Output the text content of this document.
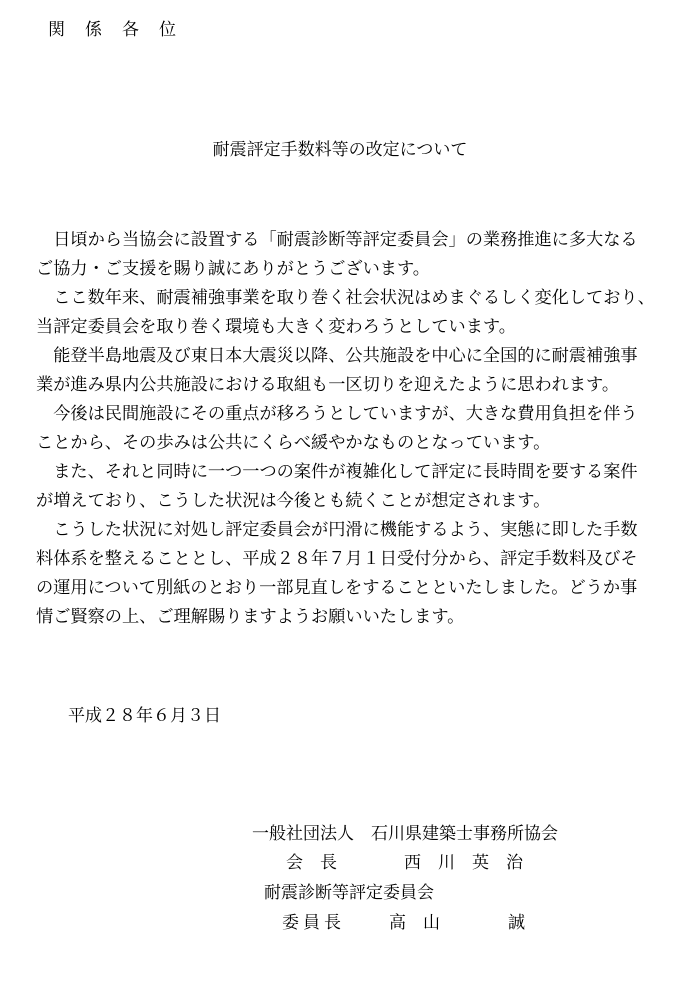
関係各位
耐震評定手数料等の改定について
　日頃から当協会に設置する「耐震診断等評定委員会」の業務推進に多大なる
ご協力・ご支援を賜り誠にありがとうございます。
　ここ数年来、耐震補強事業を取り巻く社会状況はめまぐるしく変化しており、
当評定委員会を取り巻く環境も大きく変わろうとしています。
　能登半島地震及び東日本大震災以降、公共施設を中心に全国的に耐震補強事
業が進み県内公共施設における取組も一区切りを迎えたように思われます。
　今後は民間施設にその重点が移ろうとしていますが、大きな費用負担を伴う
ことから、その歩みは公共にくらべ緩やかなものとなっています。
　また、それと同時に一つ一つの案件が複雑化して評定に長時間を要する案件
が増えており、こうした状況は今後とも続くことが想定されます。
　こうした状況に対処し評定委員会が円滑に機能するよう、実態に即した手数
料体系を整えることとし、平成２８年７月１日受付分から、評定手数料及びそ
の運用について別紙のとおり一部見直しをすることといたしました。どうか事
情ご賢察の上、ご理解賜りますようお願いいたします。
平成２８年６月３日
一般社団法人　石川県建築士事務所協会
会　長	西　川　英　治
耐震診断等評定委員会
委員長	高　山　　　　誠
